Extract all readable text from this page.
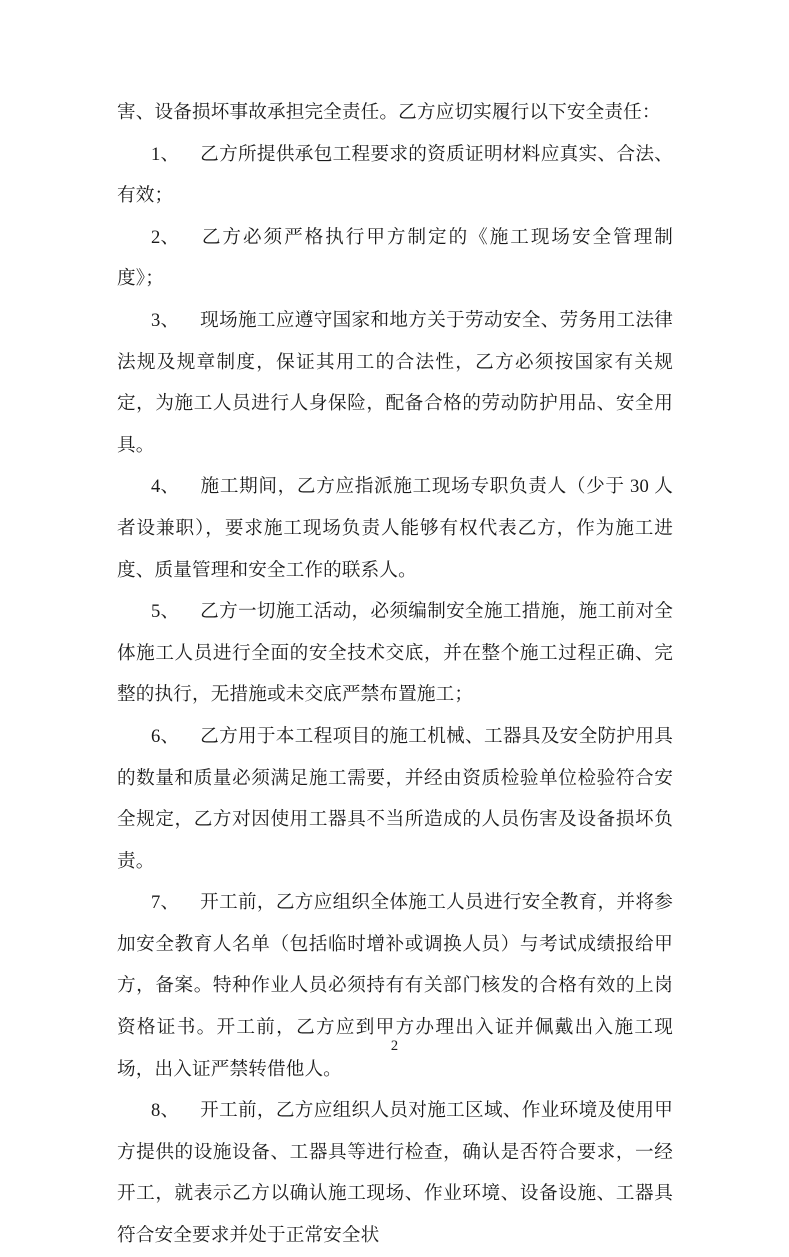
害、设备损坏事故承担完全责任。乙方应切实履行以下安全责任：

1、 乙方所提供承包工程要求的资质证明材料应真实、合法、有效；

2、 乙方必须严格执行甲方制定的《施工现场安全管理制度》；

3、 现场施工应遵守国家和地方关于劳动安全、劳务用工法律法规及规章制度，保证其用工的合法性，乙方必须按国家有关规定，为施工人员进行人身保险，配备合格的劳动防护用品、安全用具。

4、 施工期间，乙方应指派施工现场专职负责人（少于 30 人者设兼职），要求施工现场负责人能够有权代表乙方，作为施工进度、质量管理和安全工作的联系人。

5、 乙方一切施工活动，必须编制安全施工措施，施工前对全体施工人员进行全面的安全技术交底，并在整个施工过程正确、完整的执行，无措施或未交底严禁布置施工；

6、 乙方用于本工程项目的施工机械、工器具及安全防护用具的数量和质量必须满足施工需要，并经由资质检验单位检验符合安全规定，乙方对因使用工器具不当所造成的人员伤害及设备损坏负责。

7、 开工前，乙方应组织全体施工人员进行安全教育，并将参加安全教育人名单（包括临时增补或调换人员）与考试成绩报给甲方，备案。特种作业人员必须持有有关部门核发的合格有效的上岗资格证书。开工前，乙方应到甲方办理出入证并佩戴出入施工现场，出入证严禁转借他人。

8、 开工前，乙方应组织人员对施工区域、作业环境及使用甲方提供的设施设备、工器具等进行检查，确认是否符合要求，一经开工，就表示乙方以确认施工现场、作业环境、设备设施、工器具符合安全要求并处于正常安全状

2
